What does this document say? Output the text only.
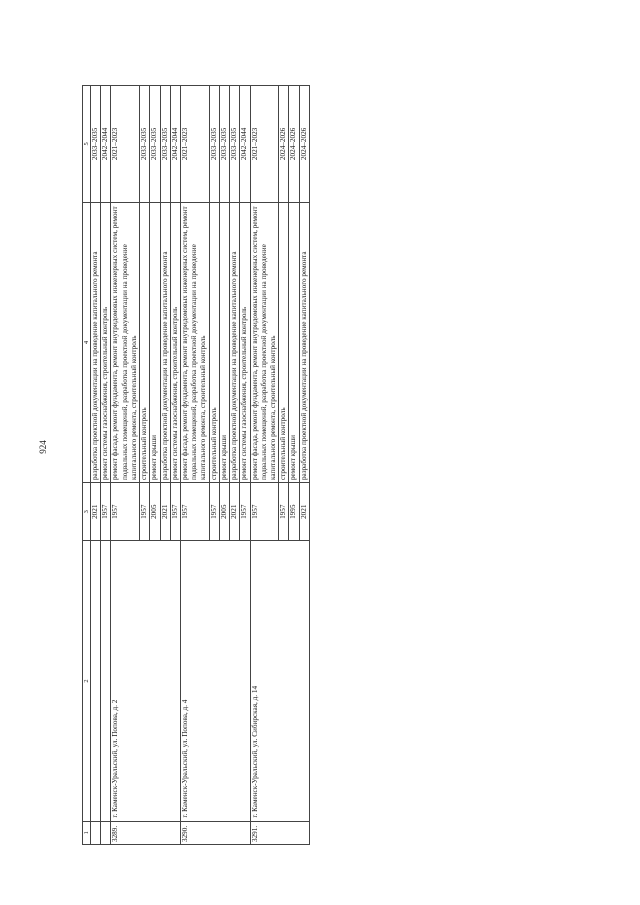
924
1	2	3	4	5
		2021	разработка проектной документации на проведение капитального ремонта	2033–2035
		1957	ремонт системы газоснабжения, строительный контроль	2042–2044
3289.	г. Каменск-Уральский, ул. Попова, д. 2	1957	ремонт фасада, ремонт фундамента, ремонт внутридомовых инженерных систем, ремонт подвальных помещений, разработка проектной документации на проведение капитального ремонта, строительный контроль	2021–2023
		1957	строительный контроль	2033–2035
		2005	ремонт крыши	2033–2035
		2021	разработка проектной документации на проведение капитального ремонта	2033–2035
		1957	ремонт системы газоснабжения, строительный контроль	2042–2044
3290.	г. Каменск-Уральский, ул. Попова, д. 4	1957	ремонт фасада, ремонт фундамента, ремонт внутридомовых инженерных систем, ремонт подвальных помещений, разработка проектной документации на проведение капитального ремонта, строительный контроль	2021–2023
		1957	строительный контроль	2033–2035
		2005	ремонт крыши	2033–2035
		2021	разработка проектной документации на проведение капитального ремонта	2033–2035
		1957	ремонт системы газоснабжения, строительный контроль	2042–2044
3291.	г. Каменск-Уральский, ул. Сибирская, д. 14	1957	ремонт фасада, ремонт фундамента, ремонт внутридомовых инженерных систем, ремонт подвальных помещений, разработка проектной документации на проведение капитального ремонта, строительный контроль	2021–2023
		1957	строительный контроль	2024–2026
		1995	ремонт крыши	2024–2026
		2021	разработка проектной документации на проведение капитального ремонта	2024–2026
